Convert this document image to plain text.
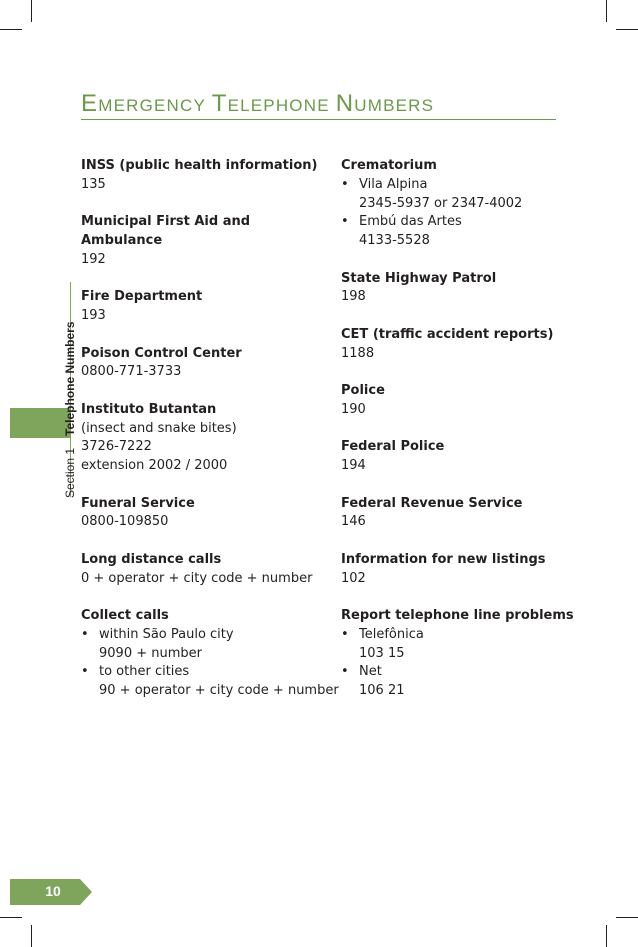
EMERGENCY TELEPHONE NUMBERS
Section 1Telephone Numbers
INSS (public health information)
135
Municipal First Aid and Ambulance
192
Fire Department
193
Poison Control Center
0800-771-3733
Instituto Butantan
(insect and snake bites)
3726-7222
extension 2002 / 2000
Funeral Service
0800-109850
Long distance calls
0 + operator + city code + number
Collect calls
• within São Paulo city
9090 + number
• to other cities
90 + operator + city code + number
Crematorium
• Vila Alpina
2345-5937 or 2347-4002
• Embú das Artes
4133-5528
State Highway Patrol
198
CET (traffic accident reports)
1188
Police
190
Federal Police
194
Federal Revenue Service
146
Information for new listings
102
Report telephone line problems
• Telefônica
103 15
• Net
106 21
10
